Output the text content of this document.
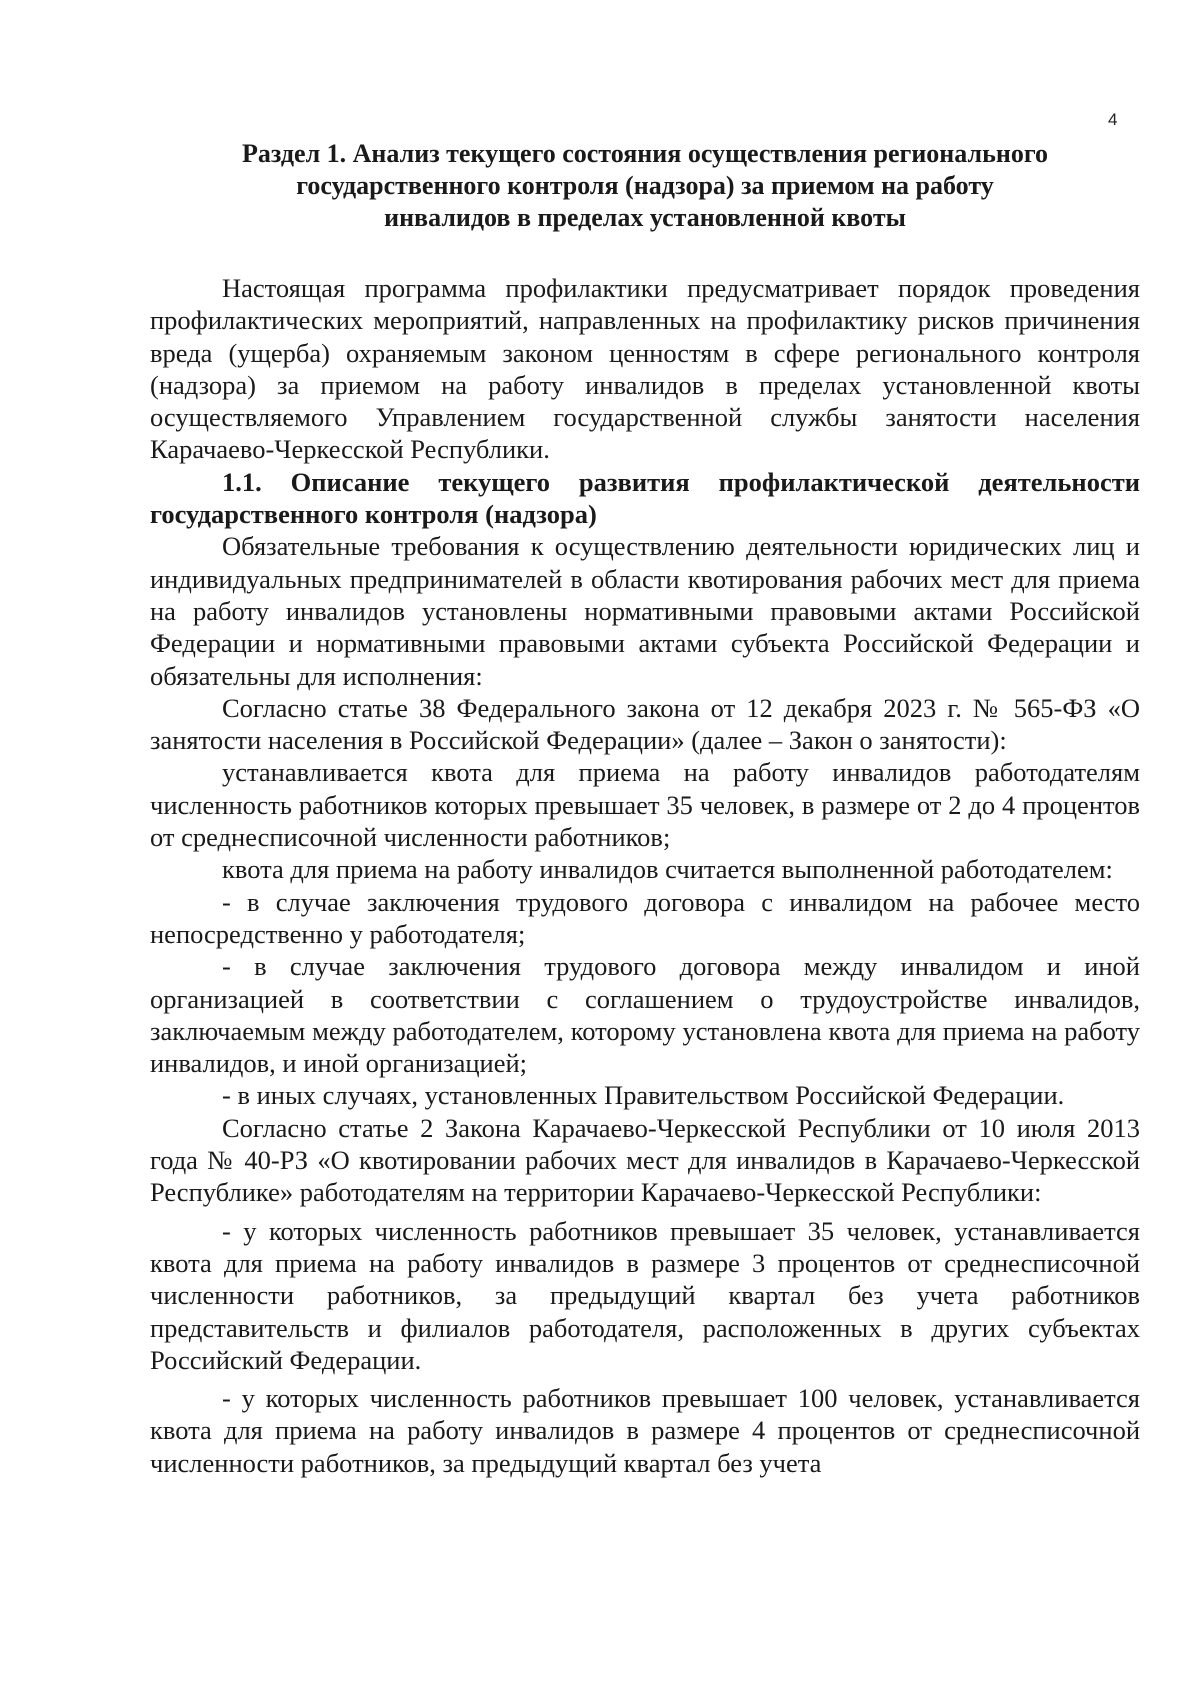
4
Раздел 1. Анализ текущего состояния осуществления регионального
государственного контроля (надзора) за приемом на работу
инвалидов в пределах установленной квоты

Настоящая программа профилактики предусматривает порядок проведения профилактических мероприятий, направленных на профилактику рисков причинения вреда (ущерба) охраняемым законом ценностям в сфере регионального контроля (надзора) за приемом на работу инвалидов в пределах установленной квоты осуществляемого Управлением государственной службы занятости населения Карачаево-Черкесской Республики.

1.1. Описание текущего развития профилактической деятельности государственного контроля (надзора)

Обязательные требования к осуществлению деятельности юридических лиц и индивидуальных предпринимателей в области квотирования рабочих мест для приема на работу инвалидов установлены нормативными правовыми актами Российской Федерации и нормативными правовыми актами субъекта Российской Федерации и обязательны для исполнения:

Согласно статье 38 Федерального закона от 12 декабря 2023 г. № 565-ФЗ «О занятости населения в Российской Федерации» (далее – Закон о занятости):

устанавливается квота для приема на работу инвалидов работодателям численность работников которых превышает 35 человек, в размере от 2 до 4 процентов от среднесписочной численности работников;

квота для приема на работу инвалидов считается выполненной работодателем:

- в случае заключения трудового договора с инвалидом на рабочее место непосредственно у работодателя;

- в случае заключения трудового договора между инвалидом и иной организацией в соответствии с соглашением о трудоустройстве инвалидов, заключаемым между работодателем, которому установлена квота для приема на работу инвалидов, и иной организацией;

- в иных случаях, установленных Правительством Российской Федерации.

Согласно статье 2 Закона Карачаево-Черкесской Республики от 10 июля 2013 года № 40-РЗ «О квотировании рабочих мест для инвалидов в Карачаево-Черкесской Республике» работодателям на территории Карачаево-Черкесской Республики:

- у которых численность работников превышает 35 человек, устанавливается квота для приема на работу инвалидов в размере 3 процентов от среднесписочной численности работников, за предыдущий квартал без учета работников представительств и филиалов работодателя, расположенных в других субъектах Российский Федерации.

- у которых численность работников превышает 100 человек, устанавливается квота для приема на работу инвалидов в размере 4 процентов от среднесписочной численности работников, за предыдущий квартал без учета
